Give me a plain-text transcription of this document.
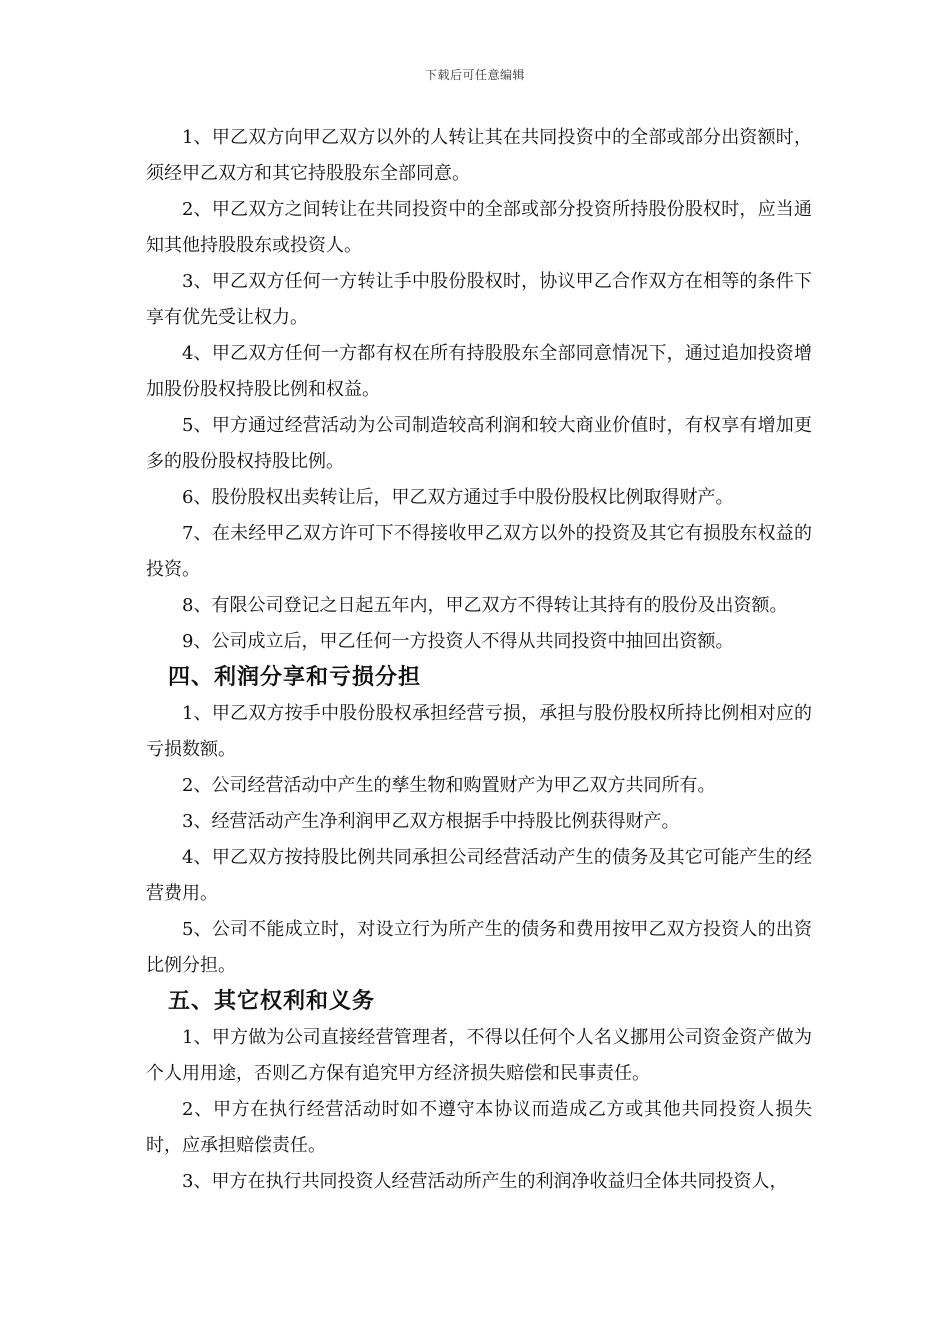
下载后可任意编辑

1、甲乙双方向甲乙双方以外的人转让其在共同投资中的全部或部分出资额时，须经甲乙双方和其它持股股东全部同意。

2、甲乙双方之间转让在共同投资中的全部或部分投资所持股份股权时，应当通知其他持股股东或投资人。

3、甲乙双方任何一方转让手中股份股权时，协议甲乙合作双方在相等的条件下享有优先受让权力。

4、甲乙双方任何一方都有权在所有持股股东全部同意情况下，通过追加投资增加股份股权持股比例和权益。

5、甲方通过经营活动为公司制造较高利润和较大商业价值时，有权享有增加更多的股份股权持股比例。

6、股份股权出卖转让后，甲乙双方通过手中股份股权比例取得财产。

7、在未经甲乙双方许可下不得接收甲乙双方以外的投资及其它有损股东权益的投资。

8、有限公司登记之日起五年内，甲乙双方不得转让其持有的股份及出资额。

9、公司成立后，甲乙任何一方投资人不得从共同投资中抽回出资额。

四、利润分享和亏损分担

1、甲乙双方按手中股份股权承担经营亏损，承担与股份股权所持比例相对应的亏损数额。

2、公司经营活动中产生的孳生物和购置财产为甲乙双方共同所有。

3、经营活动产生净利润甲乙双方根据手中持股比例获得财产。

4、甲乙双方按持股比例共同承担公司经营活动产生的债务及其它可能产生的经营费用。

5、公司不能成立时，对设立行为所产生的债务和费用按甲乙双方投资人的出资比例分担。

五、其它权利和义务

1、甲方做为公司直接经营管理者，不得以任何个人名义挪用公司资金资产做为个人用用途，否则乙方保有追究甲方经济损失赔偿和民事责任。

2、甲方在执行经营活动时如不遵守本协议而造成乙方或其他共同投资人损失时，应承担赔偿责任。

3、甲方在执行共同投资人经营活动所产生的利润净收益归全体共同投资人，
